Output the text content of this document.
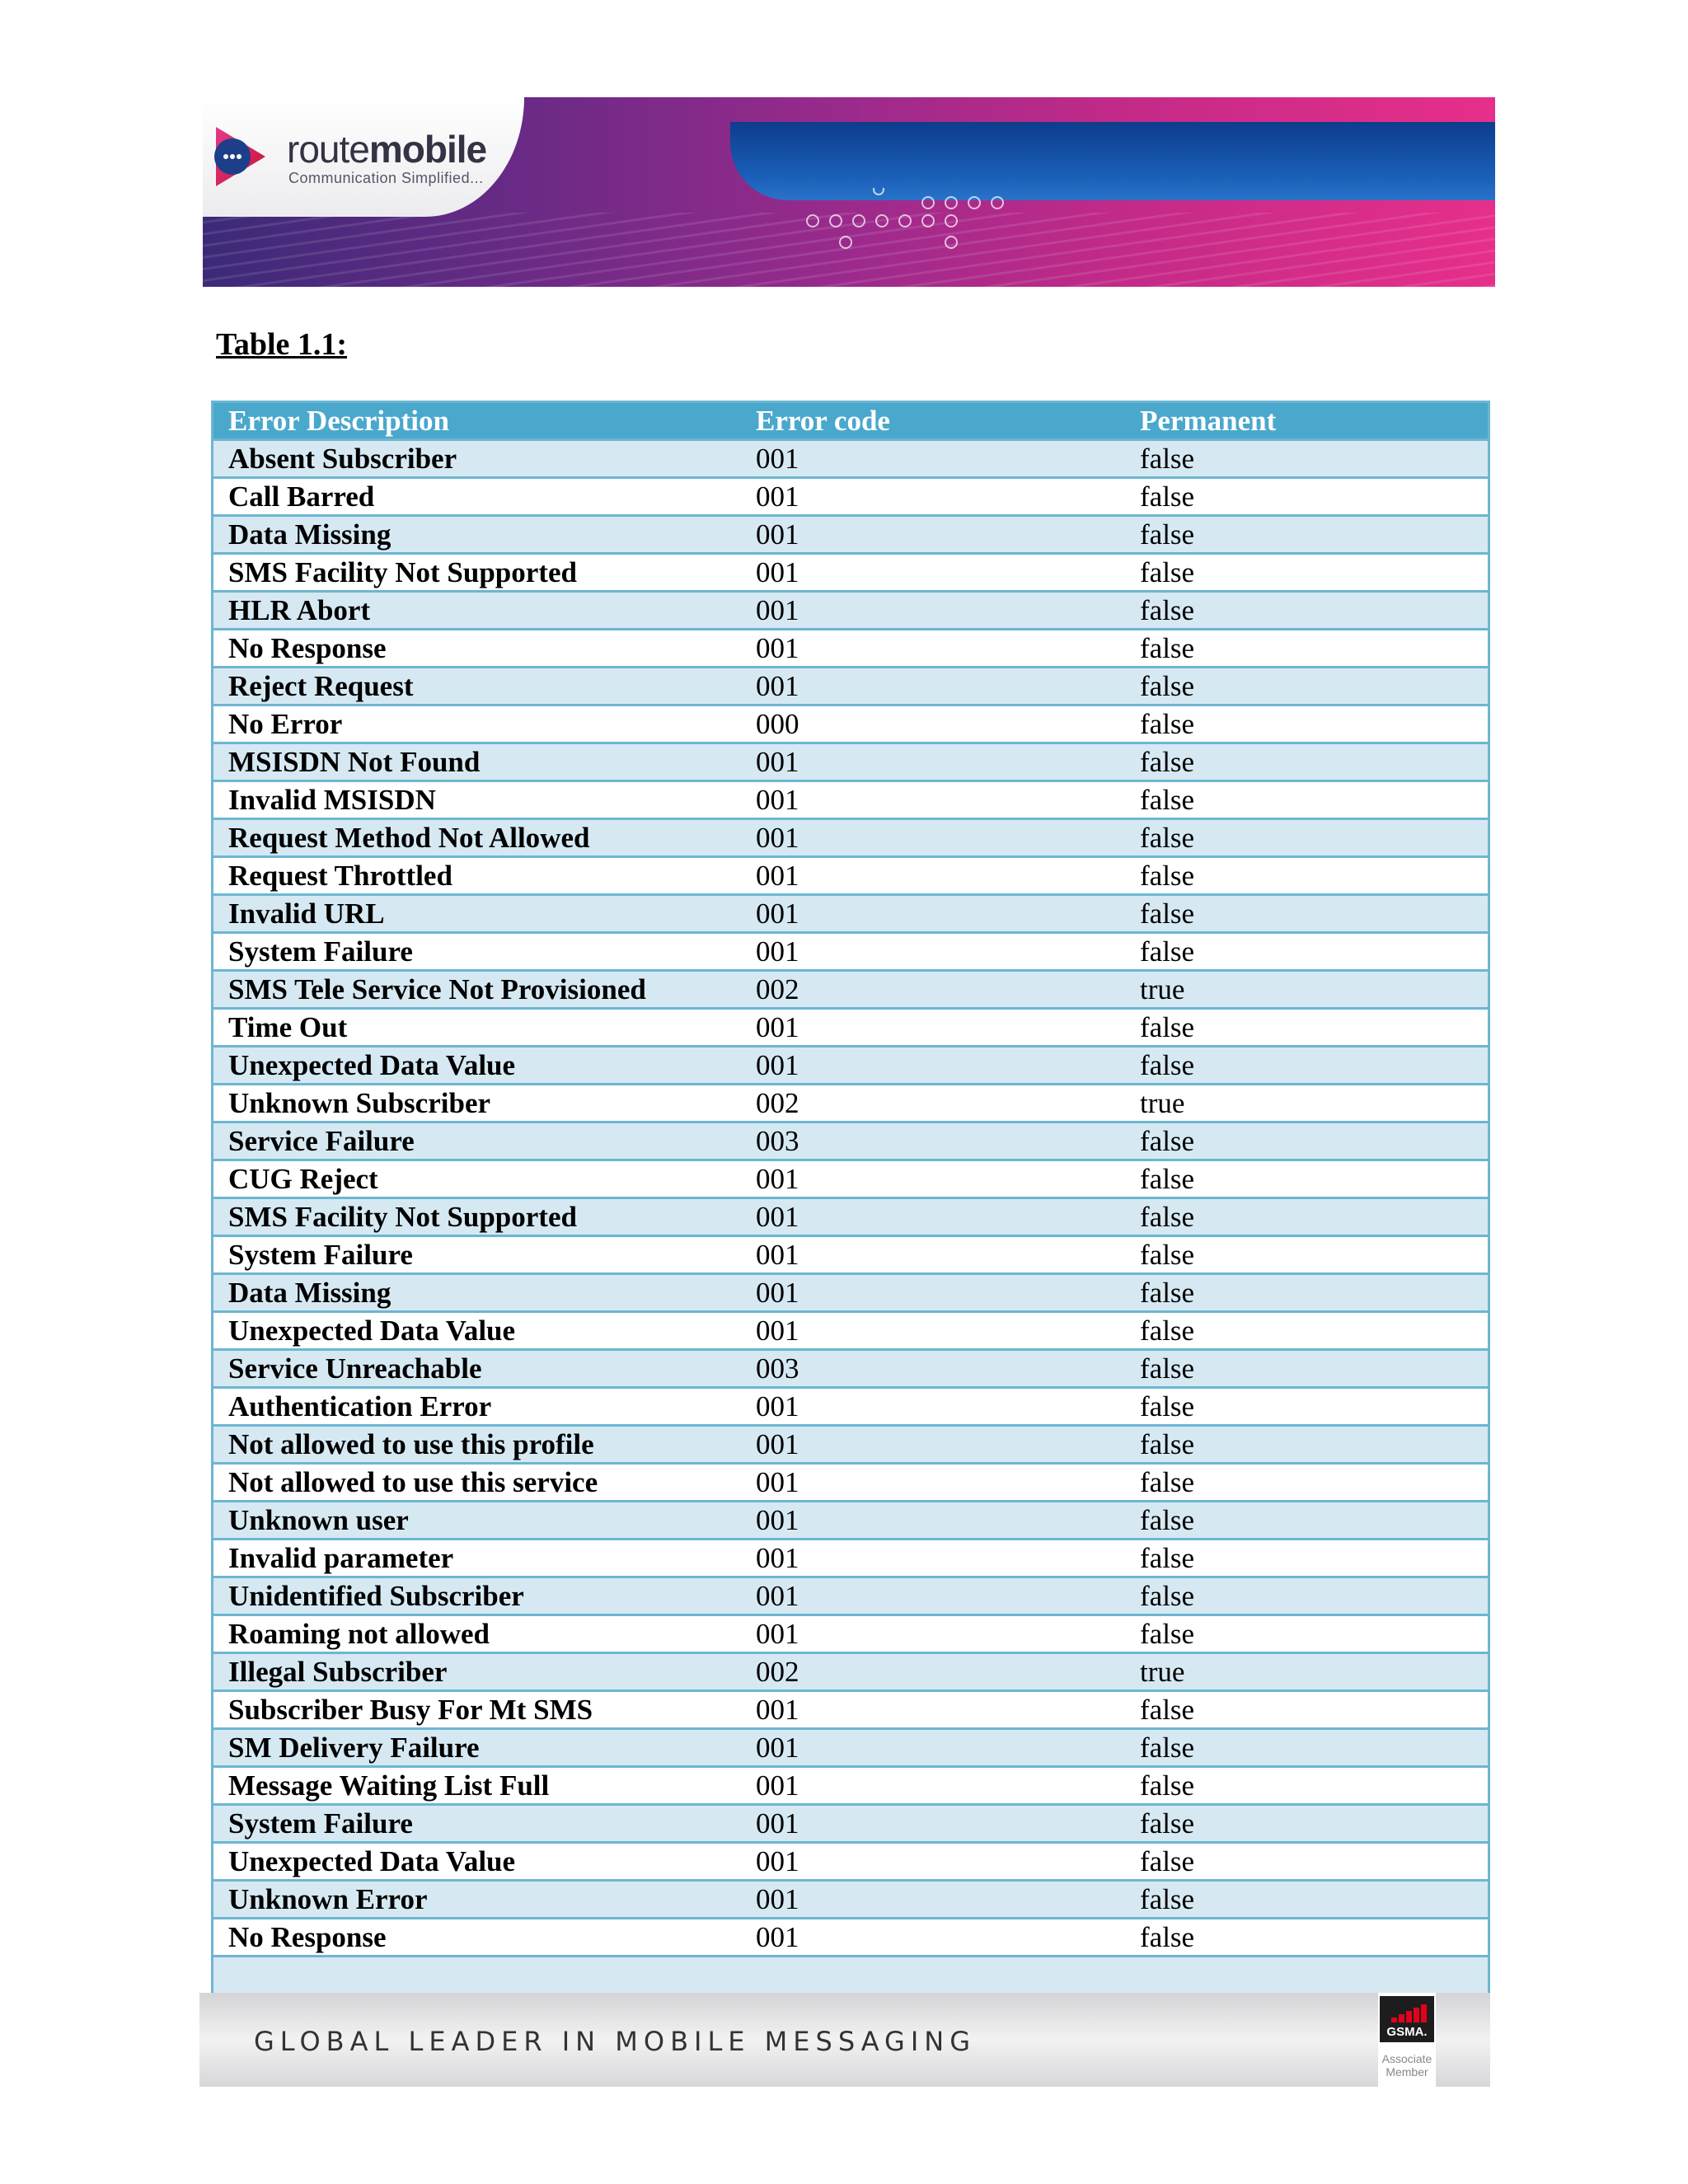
routemobile
Communication Simplified...
Table 1.1:
Error Description	Error code	Permanent
Absent Subscriber	001	false
Call Barred	001	false
Data Missing	001	false
SMS Facility Not Supported	001	false
HLR Abort	001	false
No Response	001	false
Reject Request	001	false
No Error	000	false
MSISDN Not Found	001	false
Invalid MSISDN	001	false
Request Method Not Allowed	001	false
Request Throttled	001	false
Invalid URL	001	false
System Failure	001	false
SMS Tele Service Not Provisioned	002	true
Time Out	001	false
Unexpected Data Value	001	false
Unknown Subscriber	002	true
Service Failure	003	false
CUG Reject	001	false
SMS Facility Not Supported	001	false
System Failure	001	false
Data Missing	001	false
Unexpected Data Value	001	false
Service Unreachable	003	false
Authentication Error	001	false
Not allowed to use this profile	001	false
Not allowed to use this service	001	false
Unknown user	001	false
Invalid parameter	001	false
Unidentified Subscriber	001	false
Roaming not allowed	001	false
Illegal Subscriber	002	true
Subscriber Busy For Mt SMS	001	false
SM Delivery Failure	001	false
Message Waiting List Full	001	false
System Failure	001	false
Unexpected Data Value	001	false
Unknown Error	001	false
No Response	001	false

GLOBAL LEADER IN MOBILE MESSAGING	GSMA.
Associate
Member
